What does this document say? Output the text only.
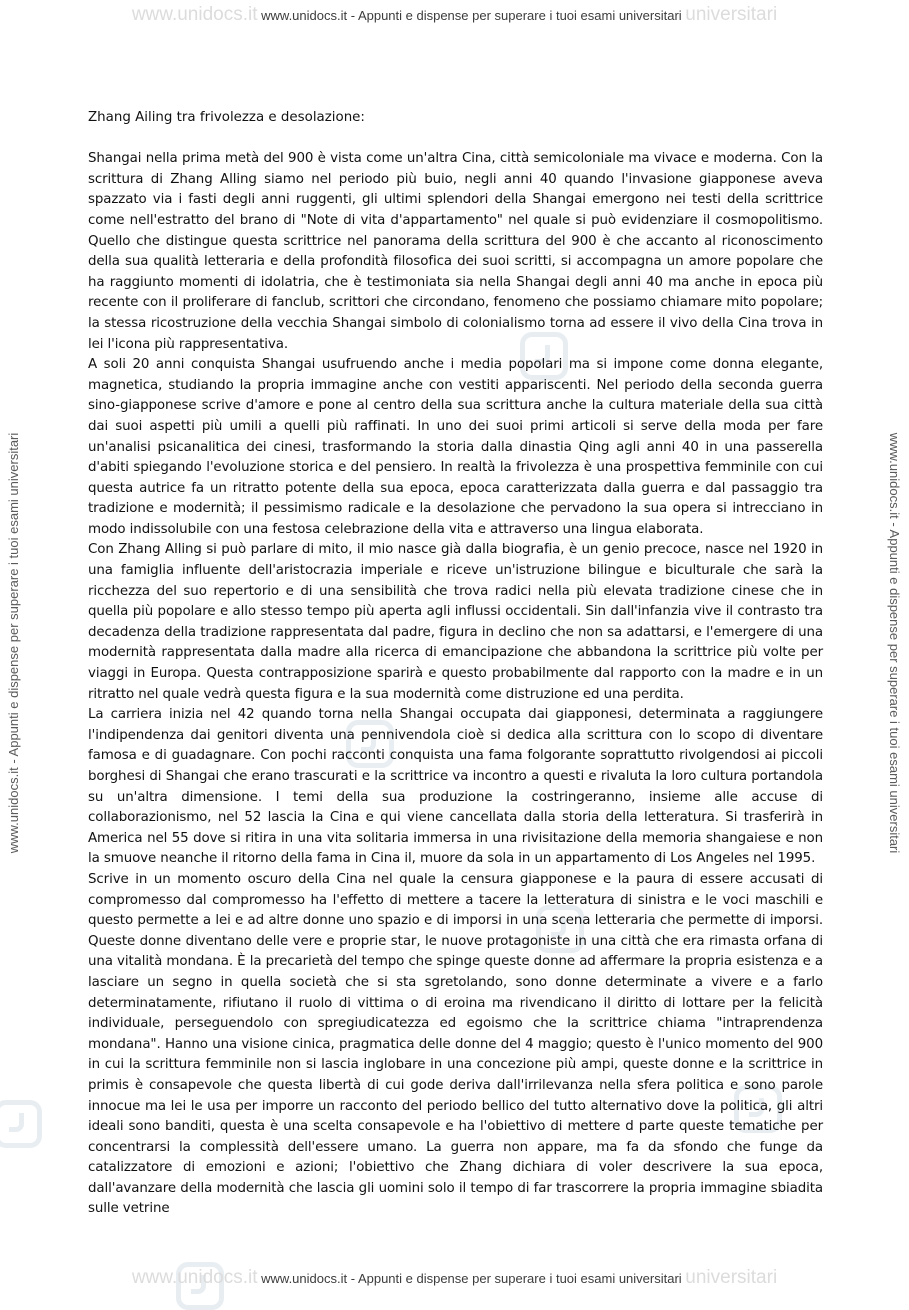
www.unidocs.it www.unidocs.it - Appunti e dispense per superare i tuoi esami universitari universitari
www.unidocs.it - Appunti e dispense per superare i tuoi esami universitari	www.unidocs.it - Appunti e dispense per superare i tuoi esami universitari

Zhang Ailing tra frivolezza e desolazione:

Shangai nella prima metà del 900 è vista come un'altra Cina, città semicoloniale ma vivace e moderna. Con la scrittura di Zhang Alling siamo nel periodo più buio, negli anni 40 quando l'invasione giapponese aveva spazzato via i fasti degli anni ruggenti, gli ultimi splendori della Shangai emergono nei testi della scrittrice come nell'estratto del brano di "Note di vita d'appartamento" nel quale si può evidenziare il cosmopolitismo. Quello che distingue questa scrittrice nel panorama della scrittura del 900 è che accanto al riconoscimento della sua qualità letteraria e della profondità filosofica dei suoi scritti, si accompagna un amore popolare che ha raggiunto momenti di idolatria, che è testimoniata sia nella Shangai degli anni 40 ma anche in epoca più recente con il proliferare di fanclub, scrittori che circondano, fenomeno che possiamo chiamare mito popolare; la stessa ricostruzione della vecchia Shangai simbolo di colonialismo torna ad essere il vivo della Cina trova in lei l'icona più rappresentativa.

A soli 20 anni conquista Shangai usufruendo anche i media popolari ma si impone come donna elegante, magnetica, studiando la propria immagine anche con vestiti appariscenti. Nel periodo della seconda guerra sino-giapponese scrive d'amore e pone al centro della sua scrittura anche la cultura materiale della sua città dai suoi aspetti più umili a quelli più raffinati. In uno dei suoi primi articoli si serve della moda per fare un'analisi psicanalitica dei cinesi, trasformando la storia dalla dinastia Qing agli anni 40 in una passerella d'abiti spiegando l'evoluzione storica e del pensiero. In realtà la frivolezza è una prospettiva femminile con cui questa autrice fa un ritratto potente della sua epoca, epoca caratterizzata dalla guerra e dal passaggio tra tradizione e modernità; il pessimismo radicale e la desolazione che pervadono la sua opera si intrecciano in modo indissolubile con una festosa celebrazione della vita e attraverso una lingua elaborata.

Con Zhang Alling si può parlare di mito, il mio nasce già dalla biografia, è un genio precoce, nasce nel 1920 in una famiglia influente dell'aristocrazia imperiale e riceve un'istruzione bilingue e biculturale che sarà la ricchezza del suo repertorio e di una sensibilità che trova radici nella più elevata tradizione cinese che in quella più popolare e allo stesso tempo più aperta agli influssi occidentali. Sin dall'infanzia vive il contrasto tra decadenza della tradizione rappresentata dal padre, figura in declino che non sa adattarsi, e l'emergere di una modernità rappresentata dalla madre alla ricerca di emancipazione che abbandona la scrittrice più volte per viaggi in Europa. Questa contrapposizione sparirà e questo probabilmente dal rapporto con la madre e in un ritratto nel quale vedrà questa figura e la sua modernità come distruzione ed una perdita.

La carriera inizia nel 42 quando torna nella Shangai occupata dai giapponesi, determinata a raggiungere l'indipendenza dai genitori diventa una pennivendola cioè si dedica alla scrittura con lo scopo di diventare famosa e di guadagnare. Con pochi racconti conquista una fama folgorante soprattutto rivolgendosi ai piccoli borghesi di Shangai che erano trascurati e la scrittrice va incontro a questi e rivaluta la loro cultura portandola su un'altra dimensione. I temi della sua produzione la costringeranno, insieme alle accuse di collaborazionismo, nel 52 lascia la Cina e qui viene cancellata dalla storia della letteratura. Si trasferirà in America nel 55 dove si ritira in una vita solitaria immersa in una rivisitazione della memoria shangaiese e non la smuove neanche il ritorno della fama in Cina il, muore da sola in un appartamento di Los Angeles nel 1995.

Scrive in un momento oscuro della Cina nel quale la censura giapponese e la paura di essere accusati di compromesso dal compromesso ha l'effetto di mettere a tacere la letteratura di sinistra e le voci maschili e questo permette a lei e ad altre donne uno spazio e di imporsi in una scena letteraria che permette di imporsi. Queste donne diventano delle vere e proprie star, le nuove protagoniste in una città che era rimasta orfana di una vitalità mondana. È la precarietà del tempo che spinge queste donne ad affermare la propria esistenza e a lasciare un segno in quella società che si sta sgretolando, sono donne determinate a vivere e a farlo determinatamente, rifiutano il ruolo di vittima o di eroina ma rivendicano il diritto di lottare per la felicità individuale, perseguendolo con spregiudicatezza ed egoismo che la scrittrice chiama "intraprendenza mondana". Hanno una visione cinica, pragmatica delle donne del 4 maggio; questo è l'unico momento del 900 in cui la scrittura femminile non si lascia inglobare in una concezione più ampi, queste donne e la scrittrice in primis è consapevole che questa libertà di cui gode deriva dall'irrilevanza nella sfera politica e sono parole innocue ma lei le usa per imporre un racconto del periodo bellico del tutto alternativo dove la politica, gli altri ideali sono banditi, questa è una scelta consapevole e ha l'obiettivo di mettere d parte queste tematiche per concentrarsi la complessità dell'essere umano. La guerra non appare, ma fa da sfondo che funge da catalizzatore di emozioni e azioni; l'obiettivo che Zhang dichiara di voler descrivere la sua epoca, dall'avanzare della modernità che lascia gli uomini solo il tempo di far trascorrere la propria immagine sbiadita sulle vetrine

www.unidocs.it www.unidocs.it - Appunti e dispense per superare i tuoi esami universitari universitari
